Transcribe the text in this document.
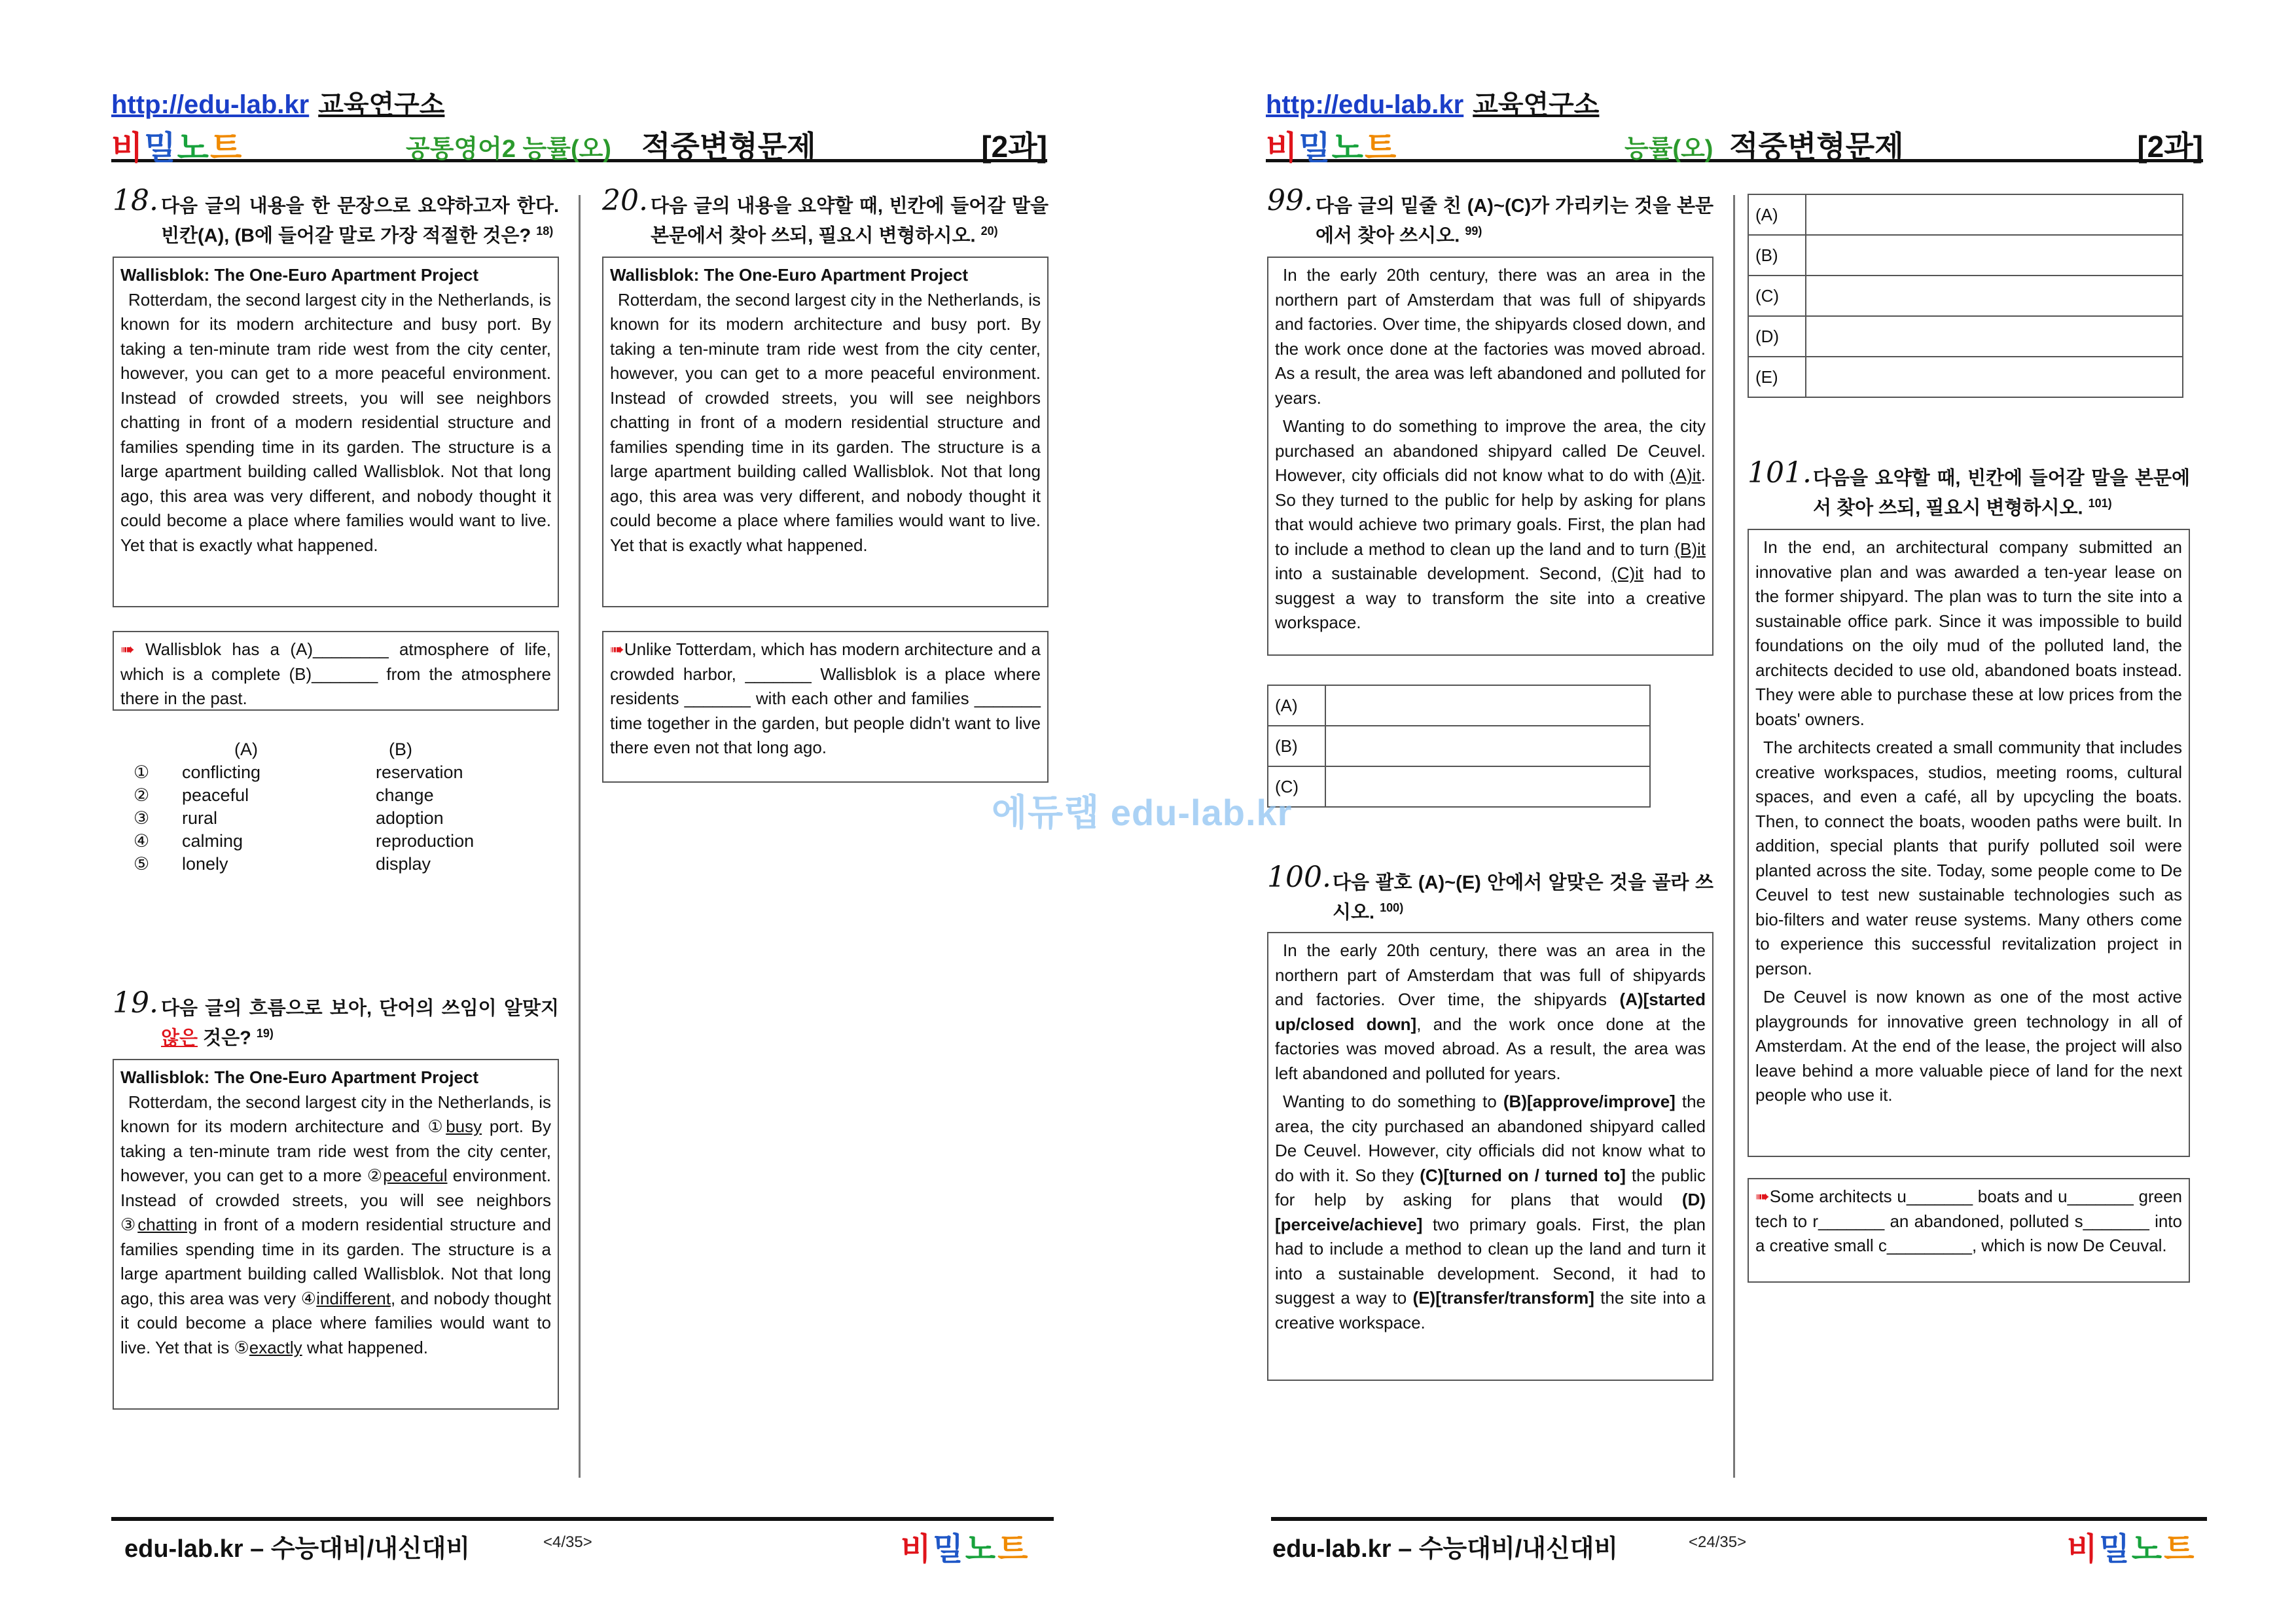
http://edu-lab.kr 교육연구소
비밀노트	공통영어2 능률(오) 적중변형문제	[2과]
18. 다음 글의 내용을 한 문장으로 요약하고자 한다. 빈칸(A), (B에 들어갈 말로 가장 적절한 것은? $^{18)}$
Wallisblok: The One-Euro Apartment Project

Rotterdam, the second largest city in the Netherlands, is known for its modern architecture and busy port. By taking a ten-minute tram ride west from the city center, however, you can get to a more peaceful environment. Instead of crowded streets, you will see neighbors chatting in front of a modern residential structure and families spending time in its garden. The structure is a large apartment building called Wallisblok. Not that long ago, this area was very different, and nobody thought it could become a place where families would want to live. Yet that is exactly what happened.

➠ Wallisblok has a (A)________ atmosphere of life, which is a complete (B)_______ from the atmosphere there in the past.
(A)	(B)
①	conflicting	reservation
②	peaceful	change
③	rural	adoption
④	calming	reproduction
⑤	lonely	display
19. 다음 글의 흐름으로 보아, 단어의 쓰임이 알맞지 않은 것은? $^{19)}$
Wallisblok: The One-Euro Apartment Project

Rotterdam, the second largest city in the Netherlands, is known for its modern architecture and ①busy port. By taking a ten-minute tram ride west from the city center, however, you can get to a more ②peaceful environment. Instead of crowded streets, you will see neighbors ③chatting in front of a modern residential structure and families spending time in its garden. The structure is a large apartment building called Wallisblok. Not that long ago, this area was very ④indifferent, and nobody thought it could become a place where families would want to live. Yet that is ⑤exactly what happened.

20. 다음 글의 내용을 요약할 때, 빈칸에 들어갈 말을 본문에서 찾아 쓰되, 필요시 변형하시오. $^{20)}$
Wallisblok: The One-Euro Apartment Project

Rotterdam, the second largest city in the Netherlands, is known for its modern architecture and busy port. By taking a ten-minute tram ride west from the city center, however, you can get to a more peaceful environment. Instead of crowded streets, you will see neighbors chatting in front of a modern residential structure and families spending time in its garden. The structure is a large apartment building called Wallisblok. Not that long ago, this area was very different, and nobody thought it could become a place where families would want to live. Yet that is exactly what happened.

➠Unlike Totterdam, which has modern architecture and a crowded harbor, _______ Wallisblok is a place where residents _______ with each other and families _______ time together in the garden, but people didn't want to live there even not that long ago.
edu-lab.kr – 수능대비/내신대비	<4/35>	비밀노트
http://edu-lab.kr 교육연구소
비밀노트	능률(오) 적중변형문제	[2과]
99. 다음 글의 밑줄 친 (A)~(C)가 가리키는 것을 본문에서 찾아 쓰시오. $^{99)}$

In the early 20th century, there was an area in the northern part of Amsterdam that was full of shipyards and factories. Over time, the shipyards closed down, and the work once done at the factories was moved abroad. As a result, the area was left abandoned and polluted for years.

Wanting to do something to improve the area, the city purchased an abandoned shipyard called De Ceuvel. However, city officials did not know what to do with (A)it. So they turned to the public for help by asking for plans that would achieve two primary goals. First, the plan had to include a method to clean up the land and to turn (B)it into a sustainable development. Second, (C)it had to suggest a way to transform the site into a creative workspace.

(A)	
(B)	
(C)	
100. 다음 괄호 (A)~(E) 안에서 알맞은 것을 골라 쓰시오. $^{100)}$

In the early 20th century, there was an area in the northern part of Amsterdam that was full of shipyards and factories. Over time, the shipyards (A)[started up/closed down], and the work once done at the factories was moved abroad. As a result, the area was left abandoned and polluted for years.

Wanting to do something to (B)[approve/improve] the area, the city purchased an abandoned shipyard called De Ceuvel. However, city officials did not know what to do with it. So they (C)[turned on / turned to] the public for help by asking for plans that would (D)[perceive/achieve] two primary goals. First, the plan had to include a method to clean up the land and turn it into a sustainable development. Second, it had to suggest a way to (E)[transfer/transform] the site into a creative workspace.

(A)	
(B)	
(C)	
(D)	
(E)	
101. 다음을 요약할 때, 빈칸에 들어갈 말을 본문에서 찾아 쓰되, 필요시 변형하시오. $^{101)}$

In the end, an architectural company submitted an innovative plan and was awarded a ten-year lease on the former shipyard. The plan was to turn the site into a sustainable office park. Since it was impossible to build foundations on the oily mud of the polluted land, the architects decided to use old, abandoned boats instead. They were able to purchase these at low prices from the boats' owners.

The architects created a small community that includes creative workspaces, studios, meeting rooms, cultural spaces, and even a café, all by upcycling the boats. Then, to connect the boats, wooden paths were built. In addition, special plants that purify polluted soil were planted across the site. Today, some people come to De Ceuvel to test new sustainable technologies such as bio-filters and water reuse systems. Many others come to experience this successful revitalization project in person.

De Ceuvel is now known as one of the most active playgrounds for innovative green technology in all of Amsterdam. At the end of the lease, the project will also leave behind a more valuable piece of land for the next people who use it.

➠Some architects u_______ boats and u_______ green tech to r_______ an abandoned, polluted s_______ into a creative small c_________, which is now De Ceuval.
edu-lab.kr – 수능대비/내신대비	<24/35>	비밀노트
에듀랩 edu-lab.kr
